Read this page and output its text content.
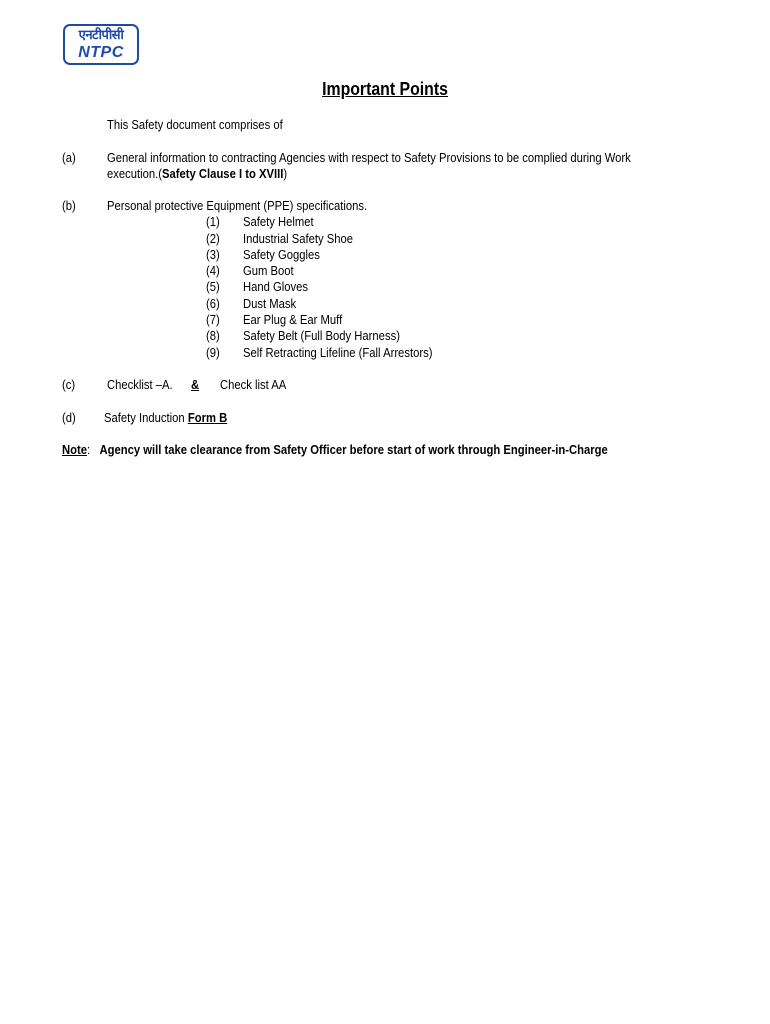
एनटीपीसी
NTPC
Important Points
This Safety document comprises of
(a) General information to contracting Agencies with respect to Safety Provisions to be complied during Work
execution.(Safety Clause I to XVIII)
(b) Personal protective Equipment (PPE) specifications.
(1) Safety Helmet
(2) Industrial Safety Shoe
(3) Safety Goggles
(4) Gum Boot
(5) Hand Gloves
(6) Dust Mask
(7) Ear Plug & Ear Muff
(8) Safety Belt (Full Body Harness)
(9) Self Retracting Lifeline (Fall Arrestors)
(c)	Checklist –A. & Check list AA
(d) Safety Induction Form B
Note: Agency will take clearance from Safety Officer before start of work through Engineer-in-Charge
